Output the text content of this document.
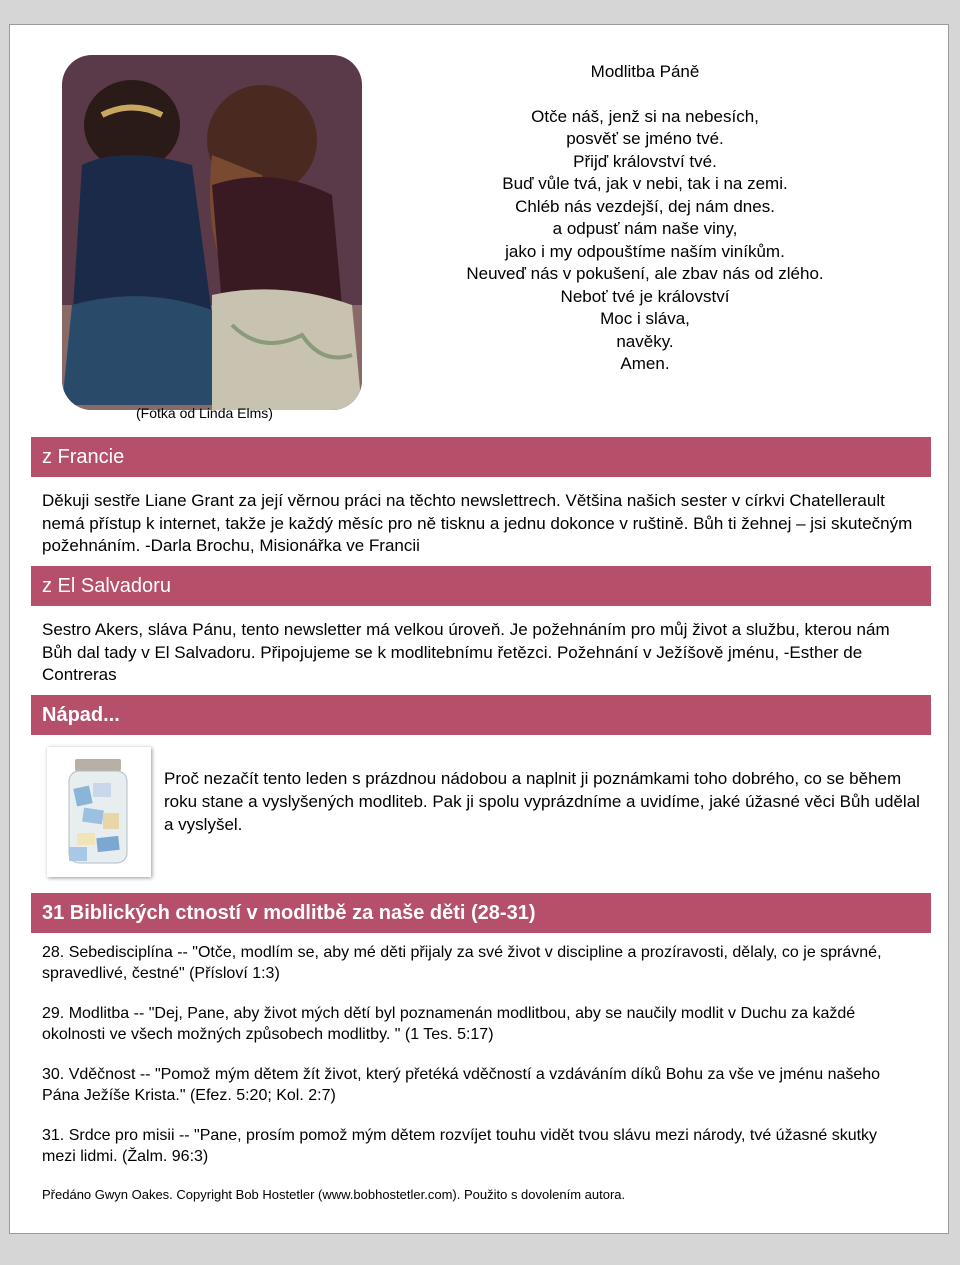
(Fotka od Linda Elms)
Modlitba Páně
Otče náš, jenž si na nebesích,
posvěť se jméno tvé.
Přijď království tvé.
Buď vůle tvá, jak v nebi, tak i na zemi.
Chléb nás vezdejší, dej nám dnes.
a odpusť nám naše viny,
jako i my odpouštíme naším viníkům.
Neuveď nás v pokušení, ale zbav nás od zlého.
Neboť tvé je království
Moc i sláva,
navěky.
Amen.
z Francie
Děkuji sestře Liane Grant za její věrnou práci na těchto newslettrech. Většina našich sester v církvi Chatellerault nemá přístup k internet, takže je každý měsíc pro ně tisknu a jednu dokonce v ruštině. Bůh ti žehnej – jsi skutečným požehnáním. -Darla Brochu, Misionářka ve Francii
z El Salvadoru
Sestro Akers, sláva Pánu, tento newsletter má velkou úroveň. Je požehnáním pro můj život a službu, kterou nám Bůh dal tady v El Salvadoru. Připojujeme se k modlitebnímu řetězci. Požehnání v Ježíšově jménu, -Esther de Contreras
Nápad...
Proč nezačít tento leden s prázdnou nádobou a naplnit ji poznámkami toho dobrého, co se během roku stane a vyslyšených modliteb. Pak ji spolu vyprázdníme a uvidíme, jaké úžasné věci Bůh udělal a vyslyšel.
31 Biblických ctností v modlitbě za naše děti (28-31)

28. Sebedisciplína -- "Otče, modlím se, aby mé děti přijaly za své život v discipline a prozíravosti, dělaly, co je správné, spravedlivé, čestné" (Přísloví 1:3)

29. Modlitba -- "Dej, Pane, aby život mých dětí byl poznamenán modlitbou, aby se naučily modlit v Duchu za každé okolnosti ve všech možných způsobech modlitby. " (1 Tes. 5:17)

30. Vděčnost -- "Pomož mým dětem žít život, který přetéká vděčností a vzdáváním díků Bohu za vše ve jménu našeho Pána Ježíše Krista." (Efez. 5:20; Kol. 2:7)

31. Srdce pro misii -- "Pane, prosím pomož mým dětem rozvíjet touhu vidět tvou slávu mezi národy, tvé úžasné skutky mezi lidmi. (Žalm. 96:3)

Předáno Gwyn Oakes. Copyright Bob Hostetler (www.bobhostetler.com). Použito s dovolením autora.
